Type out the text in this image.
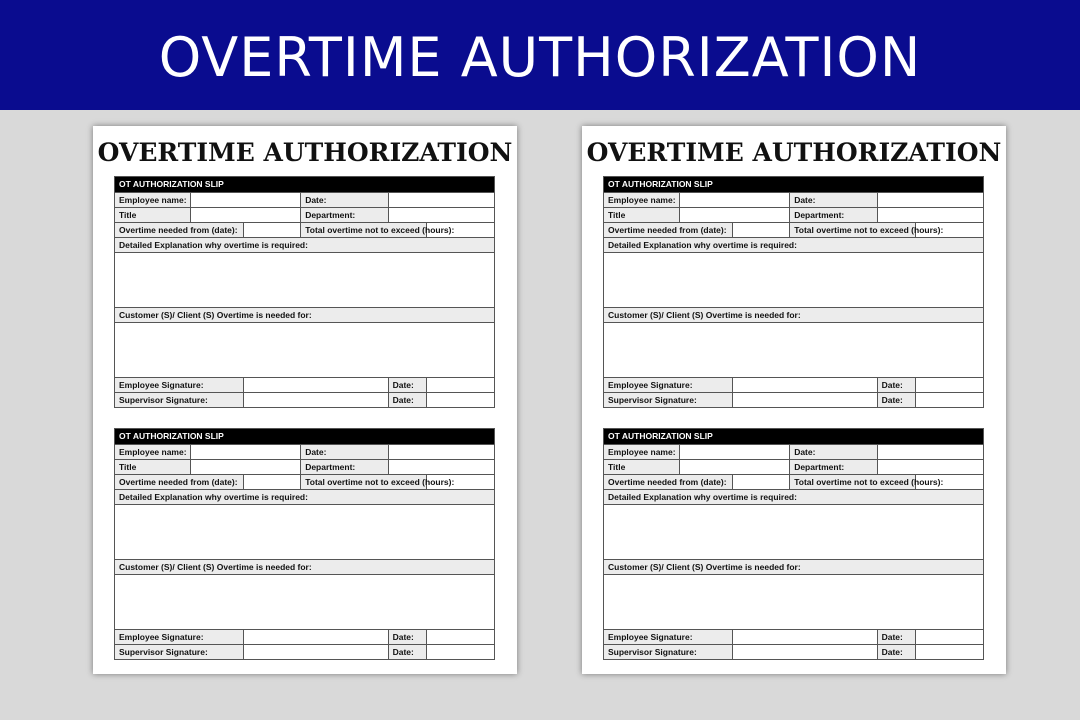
OVERTIME AUTHORIZATION
OVERTIME AUTHORIZATION
OT AUTHORIZATION SLIP
Employee name:		Date:	
Title		Department:	
Overtime needed from (date):		Total overtime not to exceed (hours):	
Detailed Explanation why overtime is required:

Customer (S)/ Client (S) Overtime is needed for:

Employee Signature:		Date:	
Supervisor Signature:		Date:	
OT AUTHORIZATION SLIP
Employee name:		Date:	
Title		Department:	
Overtime needed from (date):		Total overtime not to exceed (hours):	
Detailed Explanation why overtime is required:

Customer (S)/ Client (S) Overtime is needed for:

Employee Signature:		Date:	
Supervisor Signature:		Date:	
OVERTIME AUTHORIZATION
OT AUTHORIZATION SLIP
Employee name:		Date:	
Title		Department:	
Overtime needed from (date):		Total overtime not to exceed (hours):	
Detailed Explanation why overtime is required:

Customer (S)/ Client (S) Overtime is needed for:

Employee Signature:		Date:	
Supervisor Signature:		Date:	
OT AUTHORIZATION SLIP
Employee name:		Date:	
Title		Department:	
Overtime needed from (date):		Total overtime not to exceed (hours):	
Detailed Explanation why overtime is required:

Customer (S)/ Client (S) Overtime is needed for:

Employee Signature:		Date:	
Supervisor Signature:		Date:	
